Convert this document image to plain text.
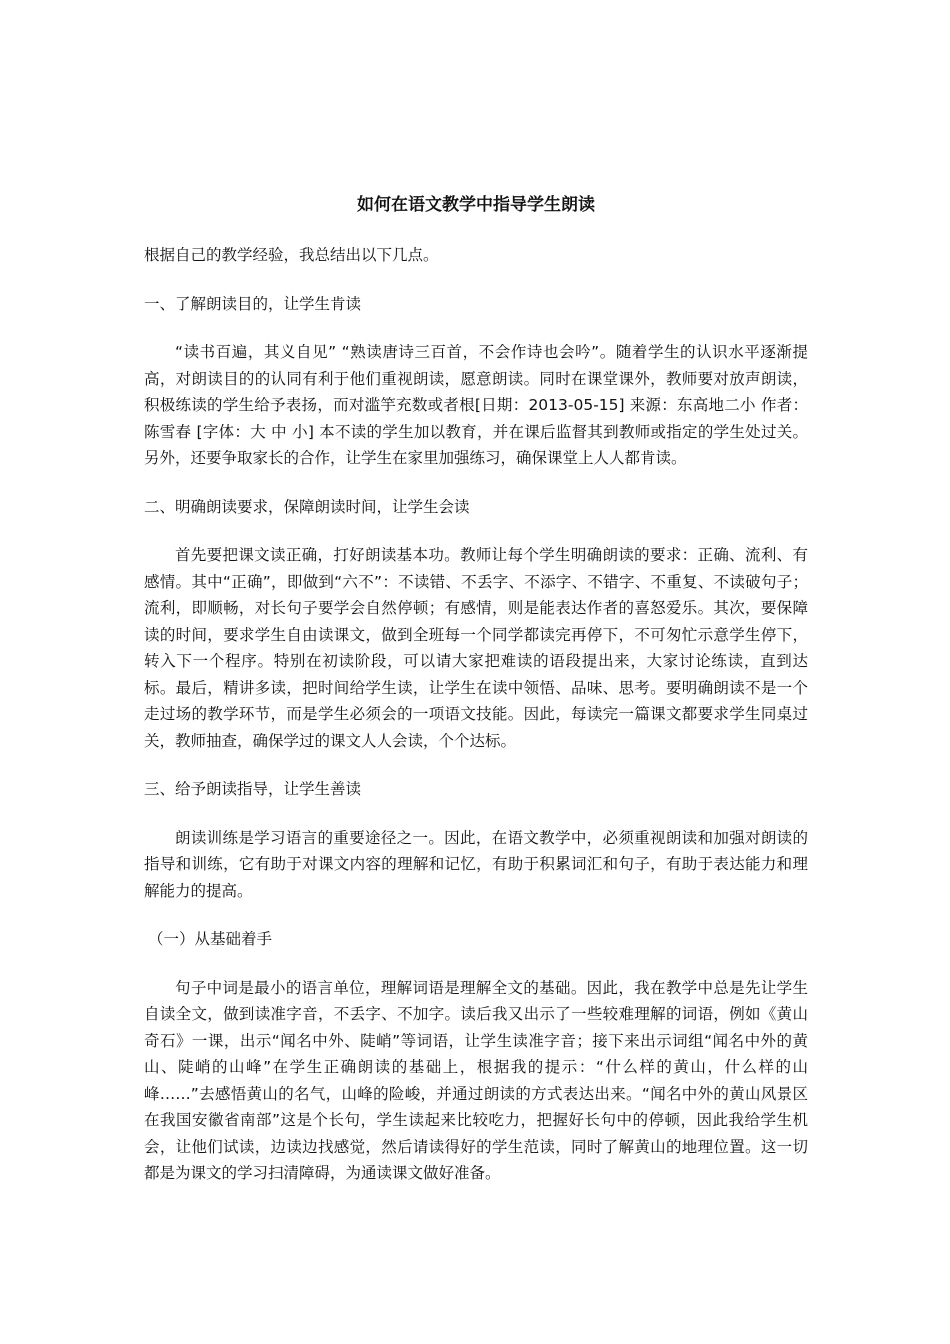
如何在语文教学中指导学生朗读

根据自己的教学经验，我总结出以下几点。

一、了解朗读目的，让学生肯读

“读书百遍，其义自见” “熟读唐诗三百首，不会作诗也会吟”。随着学生的认识水平逐渐提高，对朗读目的的认同有利于他们重视朗读，愿意朗读。同时在课堂课外，教师要对放声朗读，积极练读的学生给予表扬，而对滥竽充数或者根[日期：2013-05-15] 来源：东高地二小 作者：陈雪春 [字体：大 中 小] 本不读的学生加以教育，并在课后监督其到教师或指定的学生处过关。另外，还要争取家长的合作，让学生在家里加强练习，确保课堂上人人都肯读。

二、明确朗读要求，保障朗读时间，让学生会读

首先要把课文读正确，打好朗读基本功。教师让每个学生明确朗读的要求：正确、流利、有感情。其中“正确”，即做到“六不”：不读错、不丢字、不添字、不错字、不重复、不读破句子；流利，即顺畅，对长句子要学会自然停顿；有感情，则是能表达作者的喜怒爱乐。其次，要保障读的时间，要求学生自由读课文，做到全班每一个同学都读完再停下，不可匆忙示意学生停下，转入下一个程序。特别在初读阶段，可以请大家把难读的语段提出来，大家讨论练读，直到达标。最后，精讲多读，把时间给学生读，让学生在读中领悟、品味、思考。要明确朗读不是一个走过场的教学环节，而是学生必须会的一项语文技能。因此，每读完一篇课文都要求学生同桌过关，教师抽查，确保学过的课文人人会读，个个达标。

三、给予朗读指导，让学生善读

朗读训练是学习语言的重要途径之一。因此，在语文教学中，必须重视朗读和加强对朗读的指导和训练，它有助于对课文内容的理解和记忆，有助于积累词汇和句子，有助于表达能力和理解能力的提高。

（一）从基础着手

句子中词是最小的语言单位，理解词语是理解全文的基础。因此，我在教学中总是先让学生自读全文，做到读准字音，不丢字、不加字。读后我又出示了一些较难理解的词语，例如《黄山奇石》一课，出示“闻名中外、陡峭”等词语，让学生读准字音；接下来出示词组“闻名中外的黄山、陡峭的山峰”在学生正确朗读的基础上，根据我的提示：“什么样的黄山，什么样的山峰……”去感悟黄山的名气，山峰的险峻，并通过朗读的方式表达出来。“闻名中外的黄山风景区在我国安徽省南部”这是个长句，学生读起来比较吃力，把握好长句中的停顿，因此我给学生机会，让他们试读，边读边找感觉，然后请读得好的学生范读，同时了解黄山的地理位置。这一切都是为课文的学习扫清障碍，为通读课文做好准备。
